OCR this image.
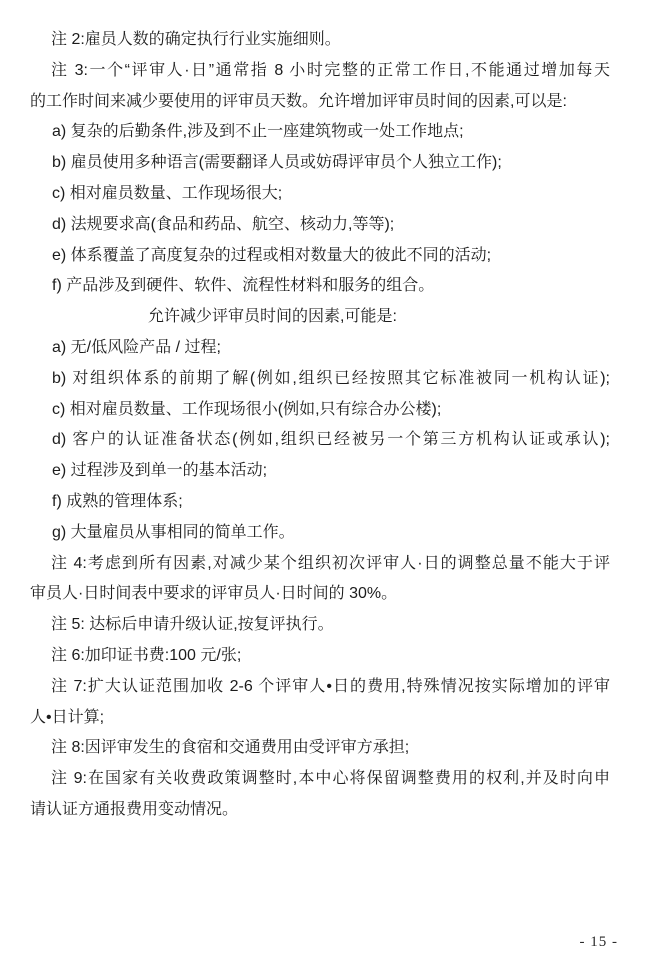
注 2:雇员人数的确定执行行业实施细则。
注 3:一个“评审人·日”通常指 8 小时完整的正常工作日,不能通过增加每天
的工作时间来减少要使用的评审员天数。允许增加评审员时间的因素,可以是:
a) 复杂的后勤条件,涉及到不止一座建筑物或一处工作地点;
b) 雇员使用多种语言(需要翻译人员或妨碍评审员个人独立工作);
c) 相对雇员数量、工作现场很大;
d) 法规要求高(食品和药品、航空、核动力,等等);
e) 体系覆盖了高度复杂的过程或相对数量大的彼此不同的活动;
f) 产品涉及到硬件、软件、流程性材料和服务的组合。
允许减少评审员时间的因素,可能是:
a) 无/低风险产品 / 过程;
b) 对组织体系的前期了解(例如,组织已经按照其它标准被同一机构认证);
c) 相对雇员数量、工作现场很小(例如,只有综合办公楼);
d) 客户的认证准备状态(例如,组织已经被另一个第三方机构认证或承认);
e) 过程涉及到单一的基本活动;
f) 成熟的管理体系;
g) 大量雇员从事相同的简单工作。
注 4:考虑到所有因素,对减少某个组织初次评审人·日的调整总量不能大于评
审员人·日时间表中要求的评审员人·日时间的 30%。
注 5: 达标后申请升级认证,按复评执行。
注 6:加印证书费:100 元/张;
注 7:扩大认证范围加收 2-6 个评审人•日的费用,特殊情况按实际增加的评审
人•日计算;
注 8:因评审发生的食宿和交通费用由受评审方承担;
注 9:在国家有关收费政策调整时,本中心将保留调整费用的权利,并及时向申
请认证方通报费用变动情况。
- 15 -
